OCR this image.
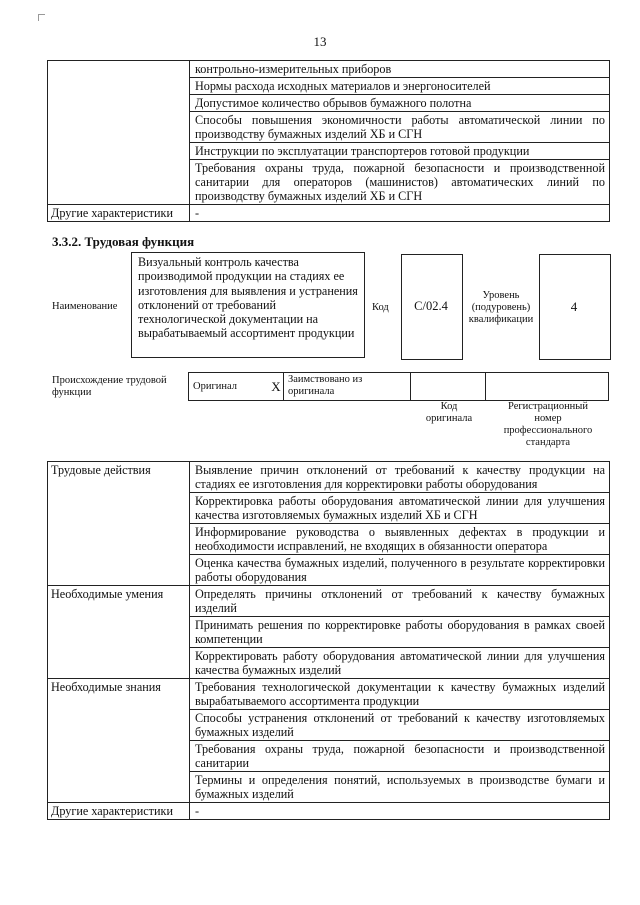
13
	контрольно-измерительных приборов
	Нормы расхода исходных материалов и энергоносителей
	Допустимое количество обрывов бумажного полотна
	Способы повышения экономичности работы автоматической линии по производству бумажных изделий ХБ и СГН
	Инструкции по эксплуатации транспортеров готовой продукции
	Требования охраны труда, пожарной безопасности и производственной санитарии для операторов (машинистов) автоматических линий по производству бумажных изделий ХБ и СГН
Другие характеристики	-
3.3.2. Трудовая функция
Наименование
Визуальный контроль качества производимой продукции на стадиях ее изготовления для выявления и устранения отклонений от требований технологической документации на вырабатываемый ассортимент продукции
Код	С/02.4
Уровень (подуровень) квалификации
4
Происхождение трудовой функции
Оригинал	X	Заимствовано из оригинала		
Код оригинала
Регистрационный номер профессионального стандарта
Трудовые действия	Выявление причин отклонений от требований к качеству продукции на стадиях ее изготовления для корректировки работы оборудования
	Корректировка работы оборудования автоматической линии для улучшения качества изготовляемых бумажных изделий ХБ и СГН
	Информирование руководства о выявленных дефектах в продукции и необходимости исправлений, не входящих в обязанности оператора
	Оценка качества бумажных изделий, полученного в результате корректировки работы оборудования
Необходимые умения	Определять причины отклонений от требований к качеству бумажных изделий
	Принимать решения по корректировке работы оборудования в рамках своей компетенции
	Корректировать работу оборудования автоматической линии для улучшения качества бумажных изделий
Необходимые знания	Требования технологической документации к качеству бумажных изделий вырабатываемого ассортимента продукции
	Способы устранения отклонений от требований к качеству изготовляемых бумажных изделий
	Требования охраны труда, пожарной безопасности и производственной санитарии
	Термины и определения понятий, используемых в производстве бумаги и бумажных изделий
Другие характеристики	-
